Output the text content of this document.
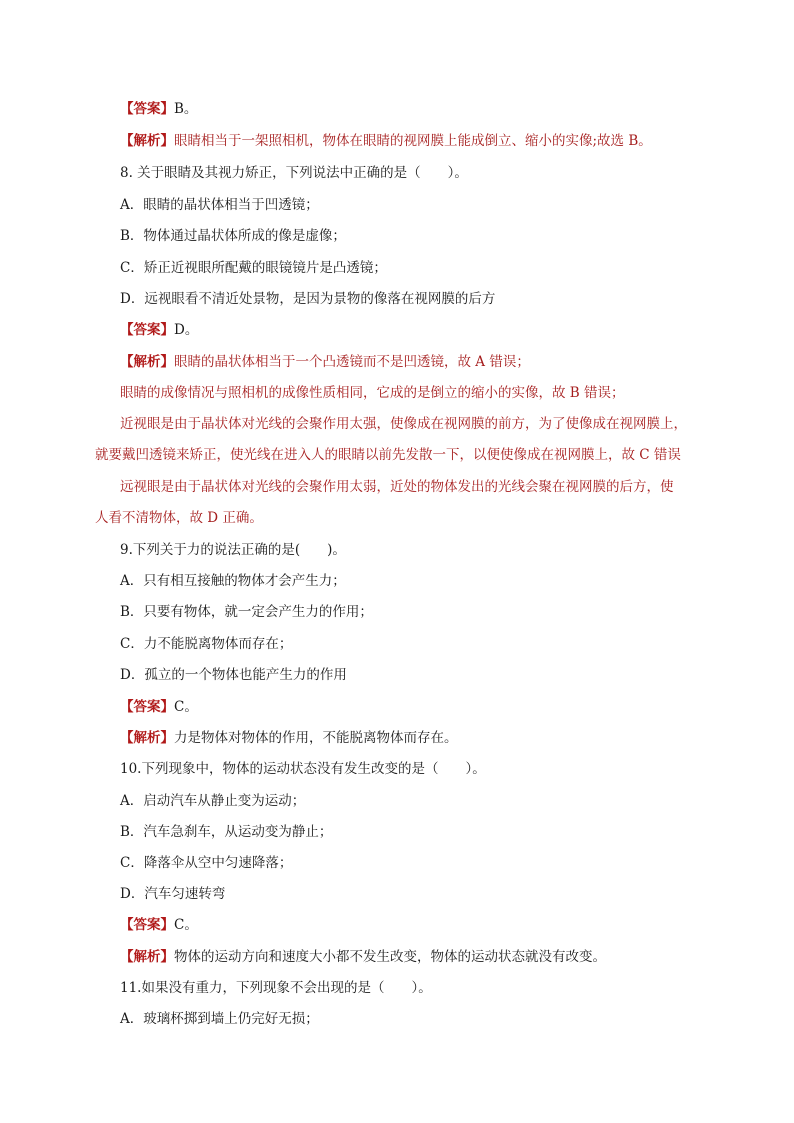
【答案】B。
【解析】眼睛相当于一架照相机，物体在眼睛的视网膜上能成倒立、缩小的实像;故选 B。
8. 关于眼睛及其视力矫正，下列说法中正确的是（　　）。
A．眼睛的晶状体相当于凹透镜；
B．物体通过晶状体所成的像是虚像；
C．矫正近视眼所配戴的眼镜镜片是凸透镜；
D．远视眼看不清近处景物，是因为景物的像落在视网膜的后方
【答案】D。
【解析】眼睛的晶状体相当于一个凸透镜而不是凹透镜，故 A 错误；
眼睛的成像情况与照相机的成像性质相同，它成的是倒立的缩小的实像，故 B 错误；
近视眼是由于晶状体对光线的会聚作用太强，使像成在视网膜的前方，为了使像成在视网膜上，
就要戴凹透镜来矫正，使光线在进入人的眼睛以前先发散一下，以便使像成在视网膜上，故 C 错误
远视眼是由于晶状体对光线的会聚作用太弱，近处的物体发出的光线会聚在视网膜的后方，使
人看不清物体，故 D 正确。
9.下列关于力的说法正确的是(　　)。
A．只有相互接触的物体才会产生力；
B．只要有物体，就一定会产生力的作用；
C．力不能脱离物体而存在；
D．孤立的一个物体也能产生力的作用
【答案】C。
【解析】力是物体对物体的作用，不能脱离物体而存在。
10.下列现象中，物体的运动状态没有发生改变的是（　　）。
A．启动汽车从静止变为运动；
B．汽车急刹车，从运动变为静止；
C．降落伞从空中匀速降落；
D．汽车匀速转弯
【答案】C。
【解析】物体的运动方向和速度大小都不发生改变，物体的运动状态就没有改变。
11.如果没有重力，下列现象不会出现的是（　　）。
A．玻璃杯掷到墙上仍完好无损；
